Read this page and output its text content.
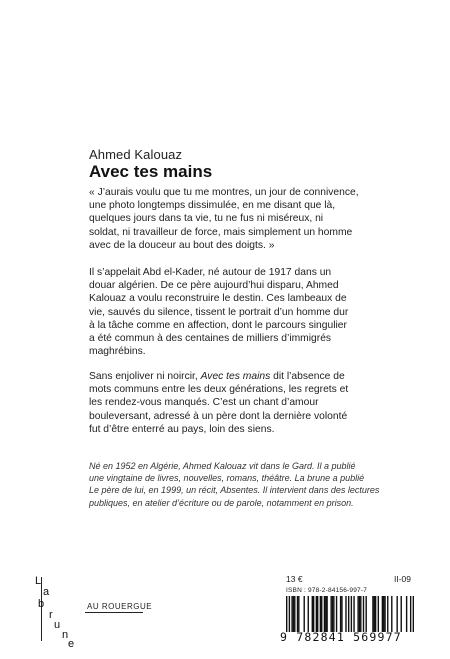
Ahmed Kalouaz
Avec tes mains
« J’aurais voulu que tu me montres, un jour de connivence,
une photo longtemps dissimulée, en me disant que là,
quelques jours dans ta vie, tu ne fus ni miséreux, ni
soldat, ni travailleur de force, mais simplement un homme
avec de la douceur au bout des doigts. »
Il s’appelait Abd el-Kader, né autour de 1917 dans un
douar algérien. De ce père aujourd’hui disparu, Ahmed
Kalouaz a voulu reconstruire le destin. Ces lambeaux de
vie, sauvés du silence, tissent le portrait d’un homme dur
à la tâche comme en affection, dont le parcours singulier
a été commun à des centaines de milliers d’immigrés
maghrébins.
Sans enjoliver ni noircir, Avec tes mains dit l’absence de
mots communs entre les deux générations, les regrets et
les rendez-vous manqués. C’est un chant d’amour
bouleversant, adressé à un père dont la dernière volonté
fut d’être enterré au pays, loin des siens.
Né en 1952 en Algérie, Ahmed Kalouaz vit dans le Gard. Il a publié
une vingtaine de livres, nouvelles, romans, théâtre. La brune a publié
Le père de lui, en 1999, un récit, Absentes. Il intervient dans des lectures
publiques, en atelier d’écriture ou de parole, notamment en prison.
L
a
b
r
u
n
e
AU ROUERGUE
13 €	II-09
ISBN : 978-2-84156-997-7
9 782841 569977
